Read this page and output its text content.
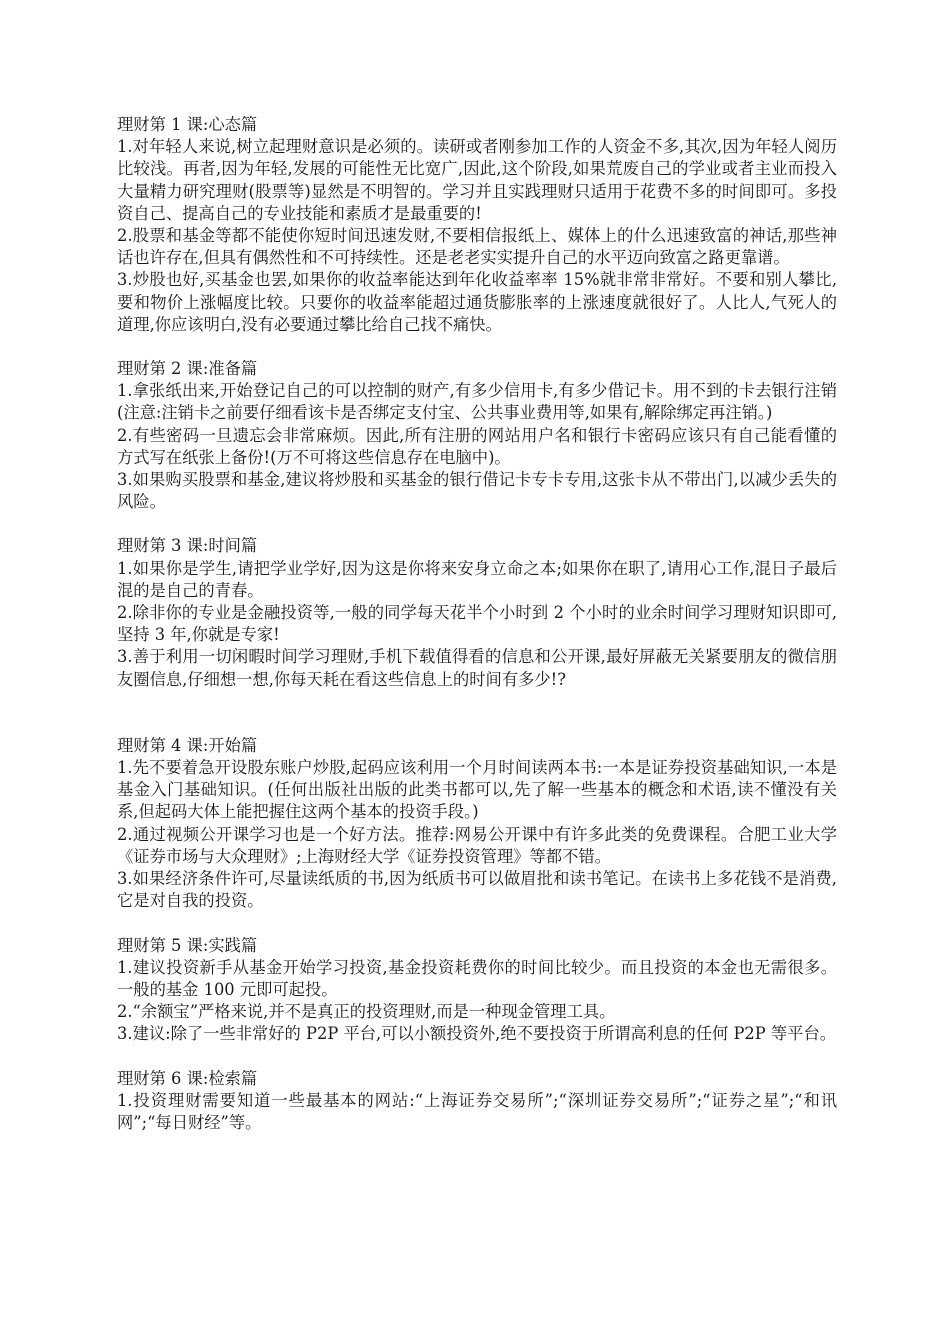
理财第 1 课:心态篇

1.对年轻人来说,树立起理财意识是必须的。读研或者刚参加工作的人资金不多,其次,因为年轻人阅历比较浅。再者,因为年轻,发展的可能性无比宽广,因此,这个阶段,如果荒废自己的学业或者主业而投入大量精力研究理财(股票等)显然是不明智的。学习并且实践理财只适用于花费不多的时间即可。多投资自己、提高自己的专业技能和素质才是最重要的!

2.股票和基金等都不能使你短时间迅速发财,不要相信报纸上、媒体上的什么迅速致富的神话,那些神话也许存在,但具有偶然性和不可持续性。还是老老实实提升自己的水平迈向致富之路更靠谱。

3.炒股也好,买基金也罢,如果你的收益率能达到年化收益率率 15%就非常非常好。不要和别人攀比,要和物价上涨幅度比较。只要你的收益率能超过通货膨胀率的上涨速度就很好了。人比人,气死人的道理,你应该明白,没有必要通过攀比给自己找不痛快。

理财第 2 课:准备篇

1.拿张纸出来,开始登记自己的可以控制的财产,有多少信用卡,有多少借记卡。用不到的卡去银行注销(注意:注销卡之前要仔细看该卡是否绑定支付宝、公共事业费用等,如果有,解除绑定再注销。)

2.有些密码一旦遗忘会非常麻烦。因此,所有注册的网站用户名和银行卡密码应该只有自己能看懂的方式写在纸张上备份!(万不可将这些信息存在电脑中)。

3.如果购买股票和基金,建议将炒股和买基金的银行借记卡专卡专用,这张卡从不带出门,以减少丢失的风险。

理财第 3 课:时间篇

1.如果你是学生,请把学业学好,因为这是你将来安身立命之本;如果你在职了,请用心工作,混日子最后混的是自己的青春。

2.除非你的专业是金融投资等,一般的同学每天花半个小时到 2 个小时的业余时间学习理财知识即可,坚持 3 年,你就是专家!

3.善于利用一切闲暇时间学习理财,手机下载值得看的信息和公开课,最好屏蔽无关紧要朋友的微信朋友圈信息,仔细想一想,你每天耗在看这些信息上的时间有多少!?

理财第 4 课:开始篇

1.先不要着急开设股东账户炒股,起码应该利用一个月时间读两本书:一本是证券投资基础知识,一本是基金入门基础知识。(任何出版社出版的此类书都可以,先了解一些基本的概念和术语,读不懂没有关系,但起码大体上能把握住这两个基本的投资手段。)

2.通过视频公开课学习也是一个好方法。推荐:网易公开课中有许多此类的免费课程。合肥工业大学《证券市场与大众理财》;上海财经大学《证券投资管理》等都不错。

3.如果经济条件许可,尽量读纸质的书,因为纸质书可以做眉批和读书笔记。在读书上多花钱不是消费,它是对自我的投资。

理财第 5 课:实践篇

1.建议投资新手从基金开始学习投资,基金投资耗费你的时间比较少。而且投资的本金也无需很多。一般的基金 100 元即可起投。

2.“余额宝”严格来说,并不是真正的投资理财,而是一种现金管理工具。

3.建议:除了一些非常好的 P2P 平台,可以小额投资外,绝不要投资于所谓高利息的任何 P2P 等平台。

理财第 6 课:检索篇

1.投资理财需要知道一些最基本的网站:“上海证券交易所”;“深圳证券交易所”;“证券之星”;“和讯网”;“每日财经”等。
